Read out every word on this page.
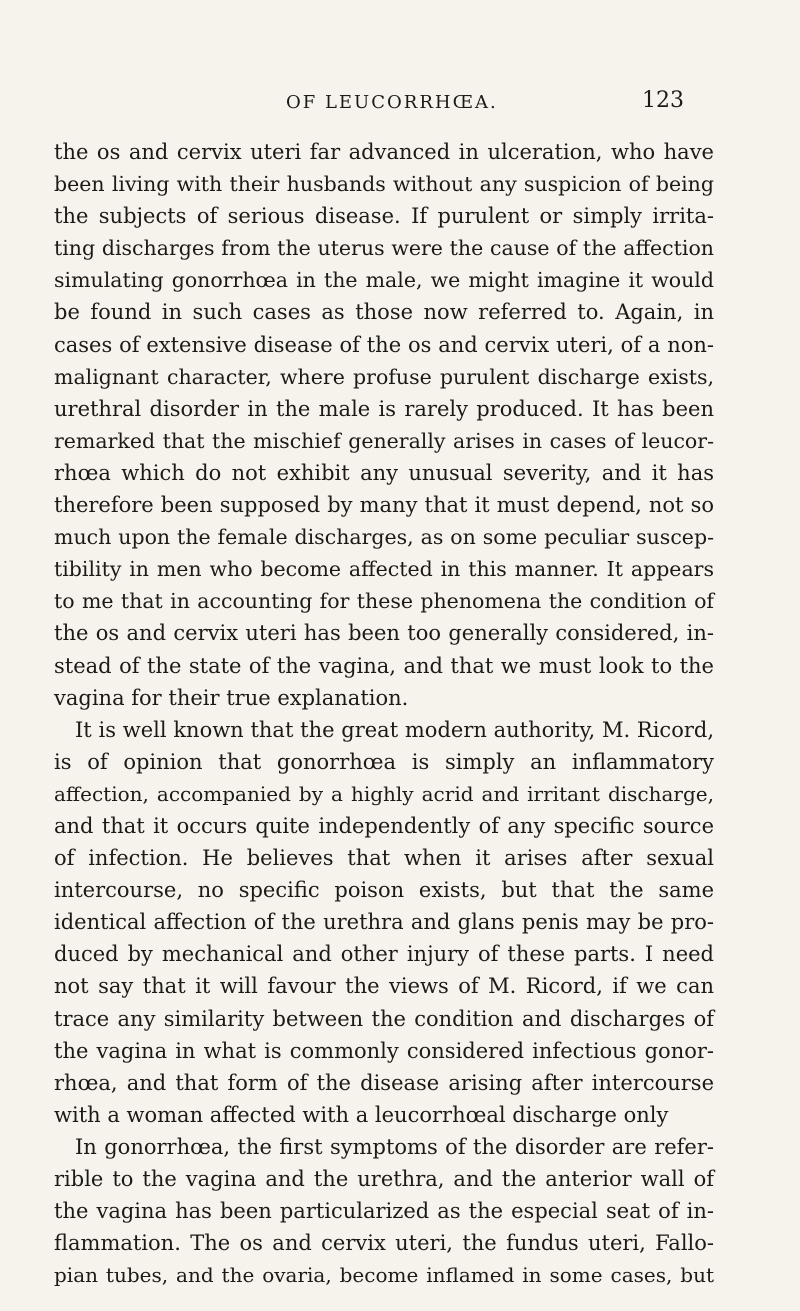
OF LEUCORRHŒA.	123
the os and cervix uteri far advanced in ulceration, who have
been living with their husbands without any suspicion of being
the subjects of serious disease. If purulent or simply irrita-
ting discharges from the uterus were the cause of the affection
simulating gonorrhœa in the male, we might imagine it would
be found in such cases as those now referred to. Again, in
cases of extensive disease of the os and cervix uteri, of a non-
malignant character, where profuse purulent discharge exists,
urethral disorder in the male is rarely produced. It has been
remarked that the mischief generally arises in cases of leucor-
rhœa which do not exhibit any unusual severity, and it has
therefore been supposed by many that it must depend, not so
much upon the female discharges, as on some peculiar suscep-
tibility in men who become affected in this manner. It appears
to me that in accounting for these phenomena the condition of
the os and cervix uteri has been too generally considered, in-
stead of the state of the vagina, and that we must look to the
vagina for their true explanation.
It is well known that the great modern authority, M. Ricord,
is of opinion that gonorrhœa is simply an inflammatory
affection, accompanied by a highly acrid and irritant discharge,
and that it occurs quite independently of any specific source
of infection. He believes that when it arises after sexual
intercourse, no specific poison exists, but that the same
identical affection of the urethra and glans penis may be pro-
duced by mechanical and other injury of these parts. I need
not say that it will favour the views of M. Ricord, if we can
trace any similarity between the condition and discharges of
the vagina in what is commonly considered infectious gonor-
rhœa, and that form of the disease arising after intercourse
with a woman affected with a leucorrhœal discharge only
In gonorrhœa, the first symptoms of the disorder are refer-
rible to the vagina and the urethra, and the anterior wall of
the vagina has been particularized as the especial seat of in-
flammation. The os and cervix uteri, the fundus uteri, Fallo-
pian tubes, and the ovaria, become inflamed in some cases, but
